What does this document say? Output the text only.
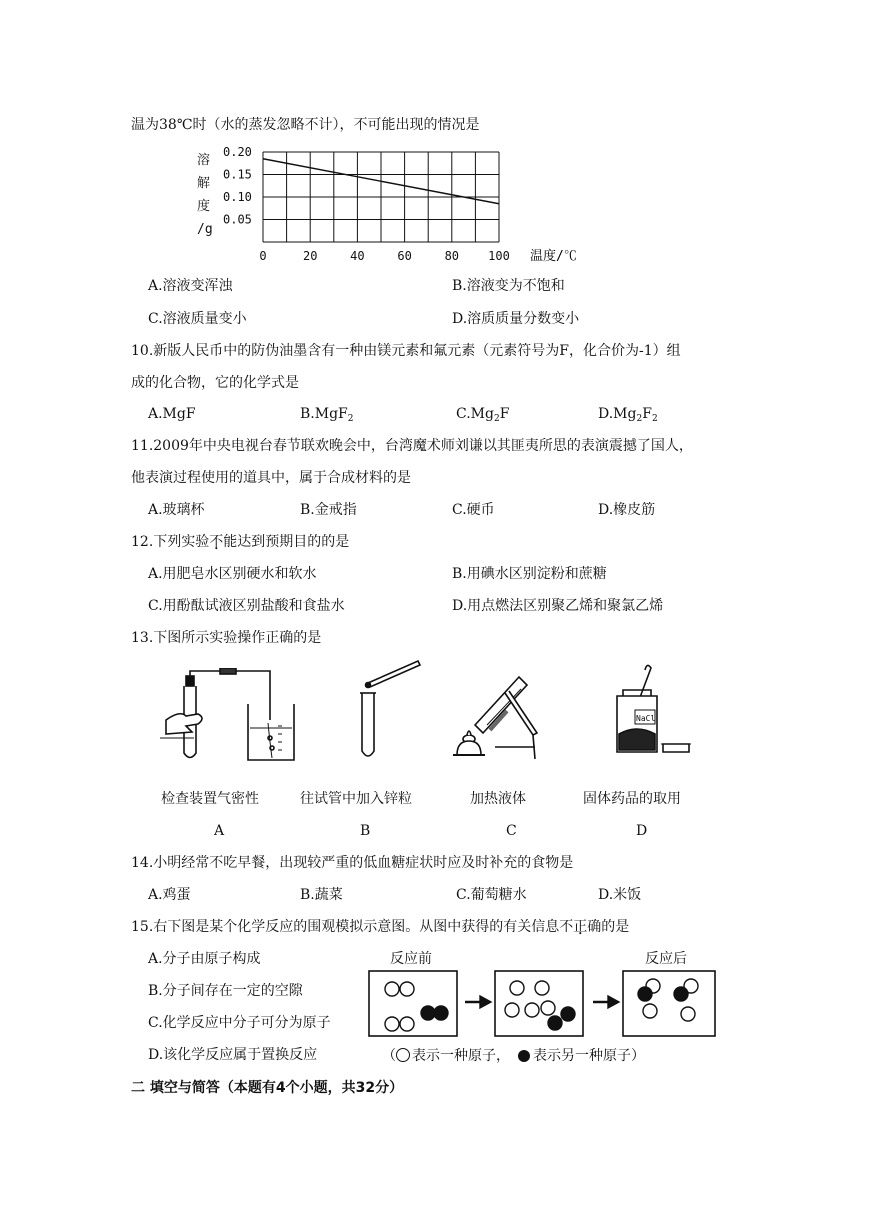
温为38℃时（水的蒸发忽略不计），不可能出现的情况是
0.20
0.15
0.10
0.05
0	20	40	60	80 100
溶
解
度
/g
温度/℃
A.溶液变浑浊	B.溶液变为不饱和
C.溶液质量变小	D.溶质质量分数变小
10.新版人民币中的防伪油墨含有一种由镁元素和氟元素（元素符号为F，化合价为-1）组
成的化合物，它的化学式是
A.MgF	B.MgF$_2$	$C.Mg_2F$	$D.Mg_2F_2$
11.2009年中央电视台春节联欢晚会中，台湾魔术师刘谦以其匪夷所思的表演震撼了国人，
他表演过程使用的道具中，属于合成材料的是
A.玻璃杯	B.金戒指	C.硬币	D.橡皮筋
12.下列实验不能达到预期目的的是
A.用肥皂水区别硬水和软水	B.用碘水区别淀粉和蔗糖
C.用酚酞试液区别盐酸和食盐水	D.用点燃法区别聚乙烯和聚氯乙烯
13.下图所示实验操作正确的是
NaCl
检查装置气密性	往试管中加入锌粒	加热液体	固体药品的取用
A	B	C	D
14.小明经常不吃早餐，出现较严重的低血糖症状时应及时补充的食物是
A.鸡蛋	B.蔬菜	C.葡萄糖水	D.米饭
15.右下图是某个化学反应的围观模拟示意图。从图中获得的有关信息不正确的是
A.分子由原子构成
B.分子间存在一定的空隙
C.化学反应中分子可分为原子
D.该化学反应属于置换反应
反应前	反应后
（ 表示一种原子， 表示另一种原子）
二 填空与简答（本题有4个小题，共32分）
